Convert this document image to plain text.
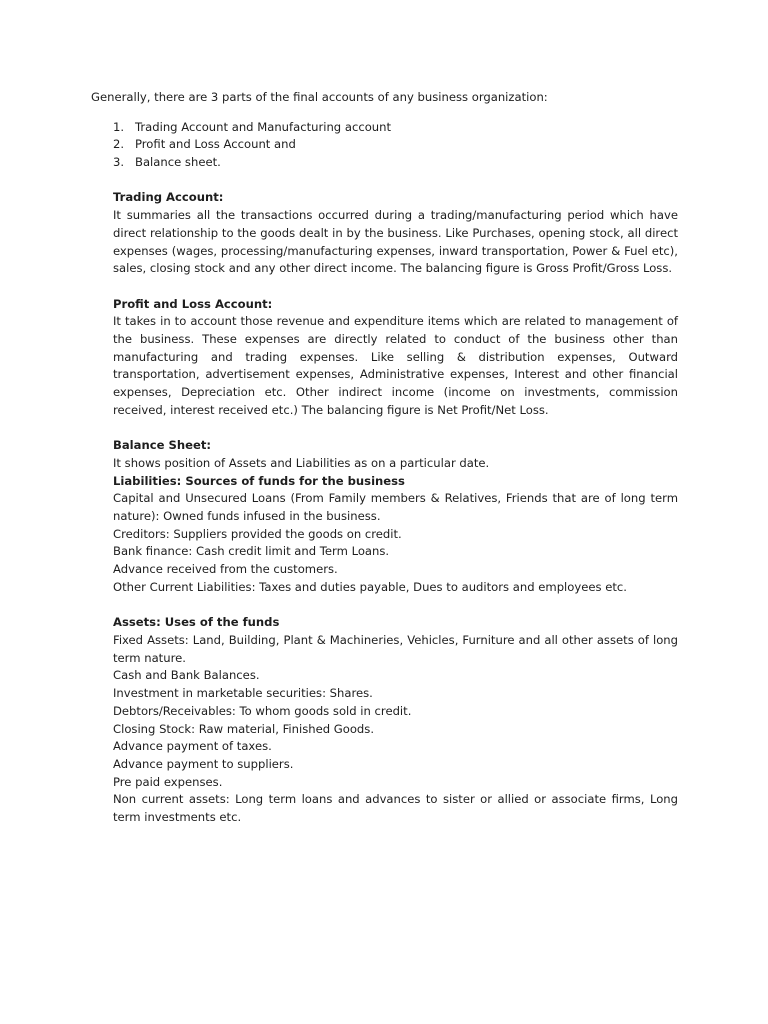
Generally, there are 3 parts of the final accounts of any business organization:

1. Trading Account and Manufacturing account
2. Profit and Loss Account and
3. Balance sheet.
Trading Account:

It summaries all the transactions occurred during a trading/manufacturing period which have direct relationship to the goods dealt in by the business. Like Purchases, opening stock, all direct expenses (wages, processing/manufacturing expenses, inward transportation, Power & Fuel etc), sales, closing stock and any other direct income. The balancing figure is Gross Profit/Gross Loss.

Profit and Loss Account:

It takes in to account those revenue and expenditure items which are related to management of the business. These expenses are directly related to conduct of the business other than manufacturing and trading expenses. Like selling & distribution expenses, Outward transportation, advertisement expenses, Administrative expenses, Interest and other financial expenses, Depreciation etc. Other indirect income (income on investments, commission received, interest received etc.) The balancing figure is Net Profit/Net Loss.

Balance Sheet:
It shows position of Assets and Liabilities as on a particular date.
Liabilities: Sources of funds for the business

Capital and Unsecured Loans (From Family members & Relatives, Friends that are of long term nature): Owned funds infused in the business.

Creditors: Suppliers provided the goods on credit.
Bank finance: Cash credit limit and Term Loans.
Advance received from the customers.
Other Current Liabilities: Taxes and duties payable, Dues to auditors and employees etc.
Assets: Uses of the funds

Fixed Assets: Land, Building, Plant & Machineries, Vehicles, Furniture and all other assets of long term nature.

Cash and Bank Balances.
Investment in marketable securities: Shares.
Debtors/Receivables: To whom goods sold in credit.
Closing Stock: Raw material, Finished Goods.
Advance payment of taxes.
Advance payment to suppliers.
Pre paid expenses.

Non current assets: Long term loans and advances to sister or allied or associate firms, Long term investments etc.
